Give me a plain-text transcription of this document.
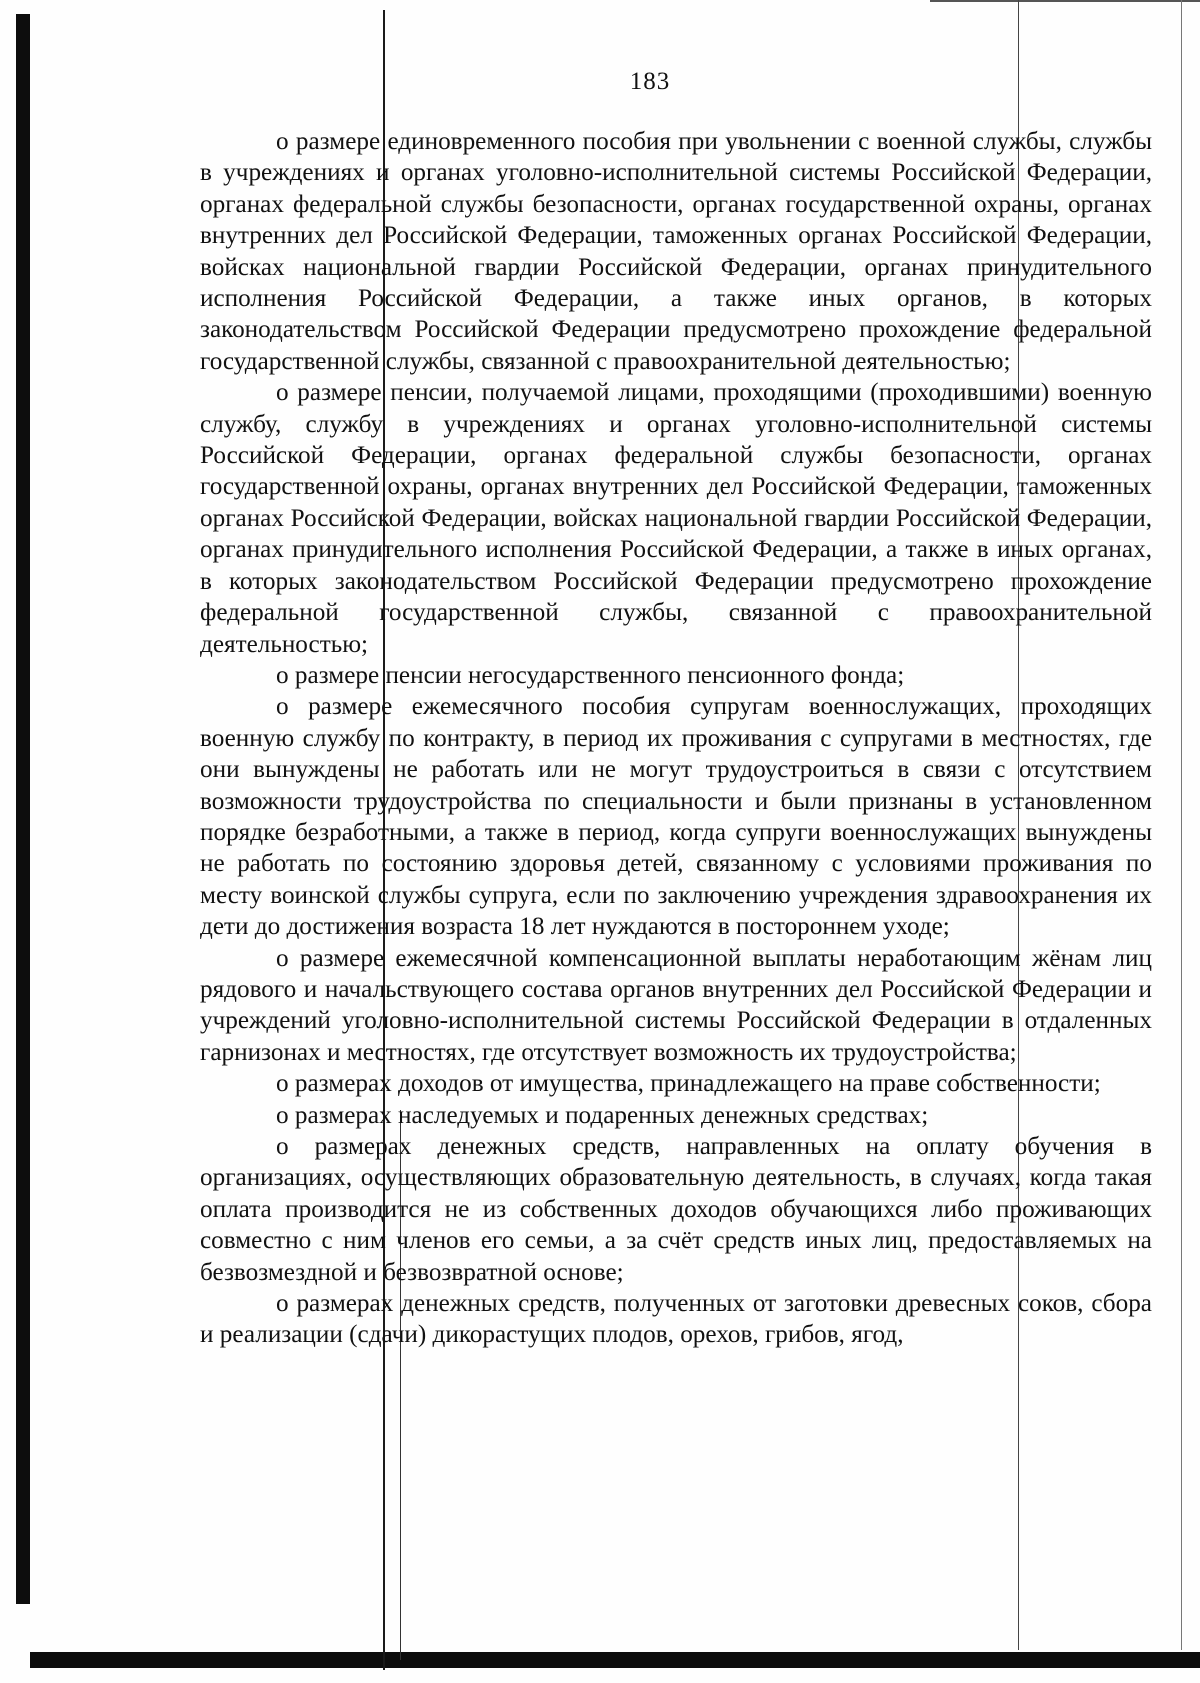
183

о размере единовременного пособия при увольнении с военной службы, службы в учреждениях и органах уголовно-исполнительной системы Российской Федерации, органах федеральной службы безопасности, органах государственной охраны, органах внутренних дел Российской Федерации, таможенных органах Российской Федерации, войсках национальной гвардии Российской Федерации, органах принудительного исполнения Российской Федерации, а также иных органов, в которых законодательством Российской Федерации предусмотрено прохождение федеральной государственной службы, связанной с правоохранительной деятельностью;

о размере пенсии, получаемой лицами, проходящими (проходившими) военную службу, службу в учреждениях и органах уголовно-исполнительной системы Российской Федерации, органах федеральной службы безопасности, органах государственной охраны, органах внутренних дел Российской Федерации, таможенных органах Российской Федерации, войсках национальной гвардии Российской Федерации, органах принудительного исполнения Российской Федерации, а также в иных органах, в которых законодательством Российской Федерации предусмотрено прохождение федеральной государственной службы, связанной с правоохранительной деятельностью;

о размере пенсии негосударственного пенсионного фонда;

о размере ежемесячного пособия супругам военнослужащих, проходящих военную службу по контракту, в период их проживания с супругами в местностях, где они вынуждены не работать или не могут трудоустроиться в связи с отсутствием возможности трудоустройства по специальности и были признаны в установленном порядке безработными, а также в период, когда супруги военнослужащих вынуждены не работать по состоянию здоровья детей, связанному с условиями проживания по месту воинской службы супруга, если по заключению учреждения здравоохранения их дети до достижения возраста 18 лет нуждаются в постороннем уходе;

о размере ежемесячной компенсационной выплаты неработающим жёнам лиц рядового и начальствующего состава органов внутренних дел Российской Федерации и учреждений уголовно-исполнительной системы Российской Федерации в отдаленных гарнизонах и местностях, где отсутствует возможность их трудоустройства;

о размерах доходов от имущества, принадлежащего на праве собственности;

о размерах наследуемых и подаренных денежных средствах;

о размерах денежных средств, направленных на оплату обучения в организациях, осуществляющих образовательную деятельность, в случаях, когда такая оплата производится не из собственных доходов обучающихся либо проживающих совместно с ним членов его семьи, а за счёт средств иных лиц, предоставляемых на безвозмездной и безвозвратной основе;

о размерах денежных средств, полученных от заготовки древесных соков, сбора и реализации (сдачи) дикорастущих плодов, орехов, грибов, ягод,
